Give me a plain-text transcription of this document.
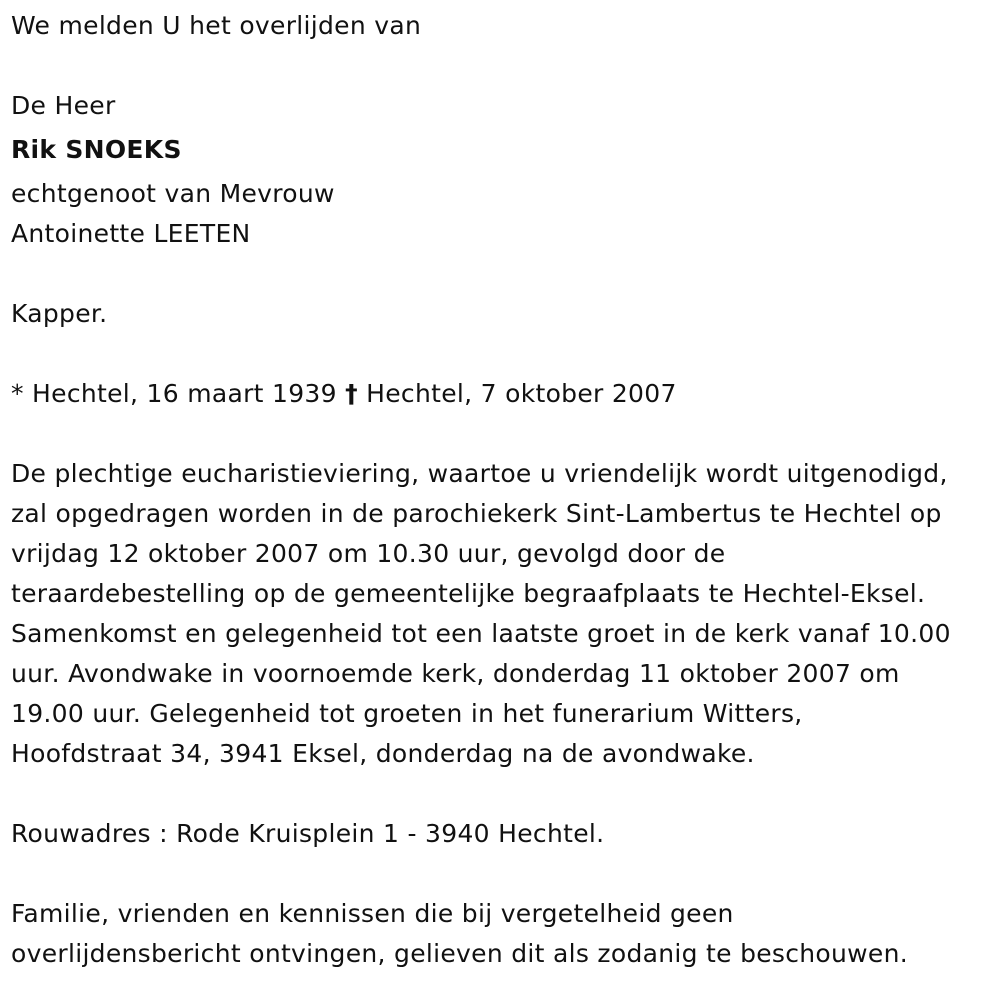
We melden U het overlijden van
De Heer
Rik SNOEKS
echtgenoot van Mevrouw
Antoinette LEETEN
Kapper.
* Hechtel, 16 maart 1939 † Hechtel, 7 oktober 2007
De plechtige eucharistieviering, waartoe u vriendelijk wordt uitgenodigd,
zal opgedragen worden in de parochiekerk Sint-Lambertus te Hechtel op
vrijdag 12 oktober 2007 om 10.30 uur, gevolgd door de
teraardebestelling op de gemeentelijke begraafplaats te Hechtel-Eksel.
Samenkomst en gelegenheid tot een laatste groet in de kerk vanaf 10.00
uur. Avondwake in voornoemde kerk, donderdag 11 oktober 2007 om
19.00 uur. Gelegenheid tot groeten in het funerarium Witters,
Hoofdstraat 34, 3941 Eksel, donderdag na de avondwake.
Rouwadres : Rode Kruisplein 1 - 3940 Hechtel.
Familie, vrienden en kennissen die bij vergetelheid geen
overlijdensbericht ontvingen, gelieven dit als zodanig te beschouwen.
